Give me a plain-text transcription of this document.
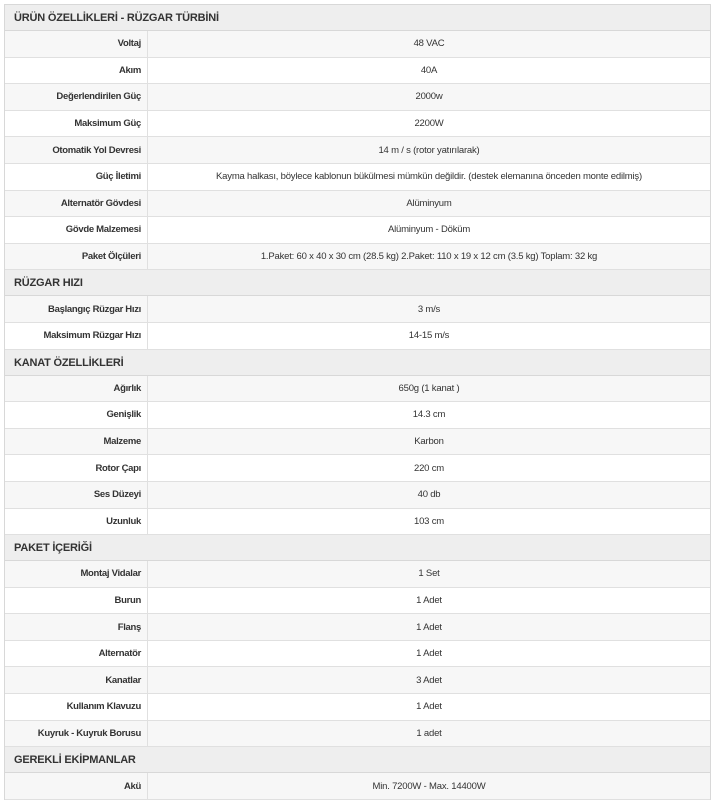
ÜRÜN ÖZELLİKLERİ - RÜZGAR TÜRBİNİ
Voltaj	48 VAC
Akım	40A
Değerlendirilen Güç	2000w
Maksimum Güç	2200W
Otomatik Yol Devresi	14 m / s (rotor yatırılarak)
Güç İletimi	Kayma halkası, böylece kablonun bükülmesi mümkün değildir. (destek elemanına önceden monte edilmiş)
Alternatör Gövdesi	Alüminyum
Gövde Malzemesi	Alüminyum - Döküm
Paket Ölçüleri	1.Paket: 60 x 40 x 30 cm (28.5 kg) 2.Paket: 110 x 19 x 12 cm (3.5 kg) Toplam: 32 kg
RÜZGAR HIZI
Başlangıç Rüzgar Hızı	3 m/s
Maksimum Rüzgar Hızı	14-15 m/s
KANAT ÖZELLİKLERİ
Ağırlık	650g (1 kanat )
Genişlik	14.3 cm
Malzeme	Karbon
Rotor Çapı	220 cm
Ses Düzeyi	40 db
Uzunluk	103 cm
PAKET İÇERİĞİ
Montaj Vidalar	1 Set
Burun	1 Adet
Flanş	1 Adet
Alternatör	1 Adet
Kanatlar	3 Adet
Kullanım Klavuzu	1 Adet
Kuyruk - Kuyruk Borusu	1 adet
GEREKLİ EKİPMANLAR
Akü	Min. 7200W - Max. 14400W
